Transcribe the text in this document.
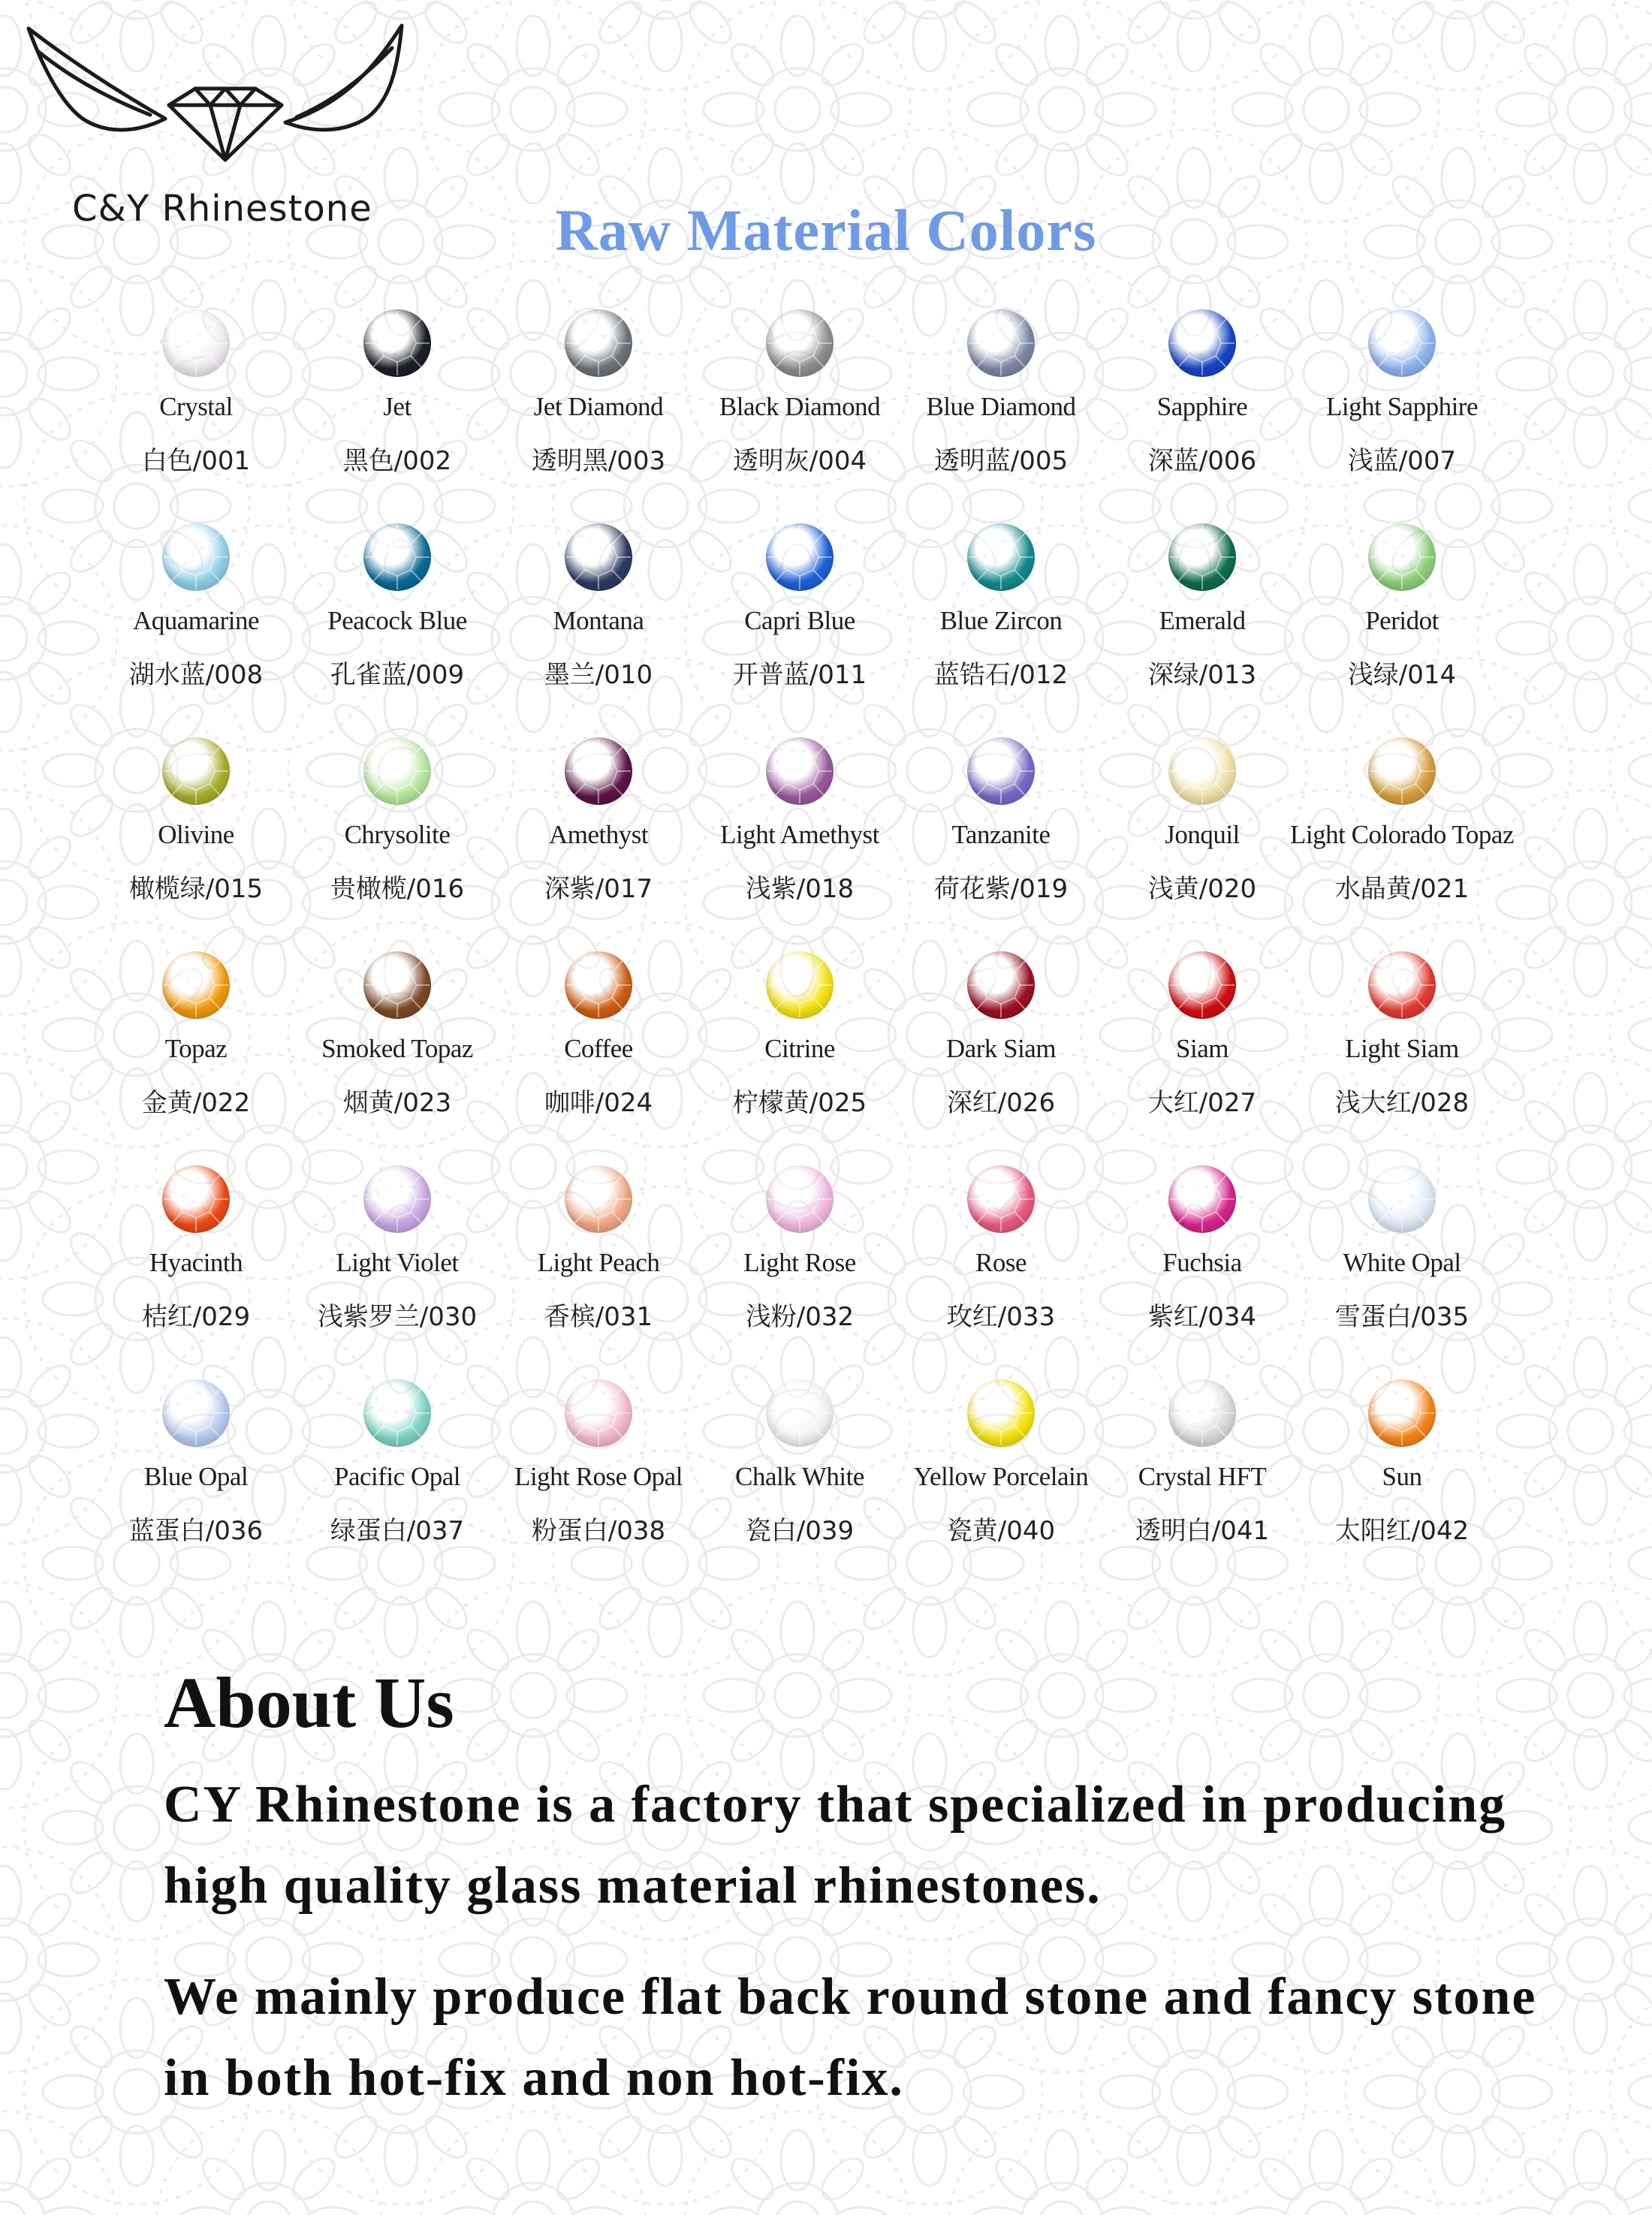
C&Y Rhinestone	Raw Material Colors
Crystal
白色/001
Jet
黑色/002
Jet Diamond
透明黑/003
Black Diamond
透明灰/004
Blue Diamond
透明蓝/005
Sapphire
深蓝/006
Light Sapphire
浅蓝/007
Aquamarine
湖水蓝/008
Peacock Blue
孔雀蓝/009
Montana
墨兰/010
Capri Blue
开普蓝/011
Blue Zircon
蓝锆石/012
Emerald
深绿/013
Peridot
浅绿/014
Olivine
橄榄绿/015
Chrysolite
贵橄榄/016
Amethyst
深紫/017
Light Amethyst
浅紫/018
Tanzanite
荷花紫/019
Jonquil
浅黄/020
Light Colorado Topaz
水晶黄/021
Topaz
金黄/022
Smoked Topaz
烟黄/023
Coffee
咖啡/024
Citrine
柠檬黄/025
Dark Siam
深红/026
Siam
大红/027
Light Siam
浅大红/028
Hyacinth
桔红/029
Light Violet
浅紫罗兰/030
Light Peach
香槟/031
Light Rose
浅粉/032
Rose
玫红/033
Fuchsia
紫红/034
White Opal
雪蛋白/035
Blue Opal
蓝蛋白/036
Pacific Opal
绿蛋白/037
Light Rose Opal
粉蛋白/038
Chalk White
瓷白/039
Yellow Porcelain
瓷黄/040
Crystal HFT
透明白/041
Sun
太阳红/042
About Us
CY Rhinestone is a factory that specialized in producing high quality glass material rhinestones.
We mainly produce flat back round stone and fancy stone in both hot-fix and non hot-fix.
